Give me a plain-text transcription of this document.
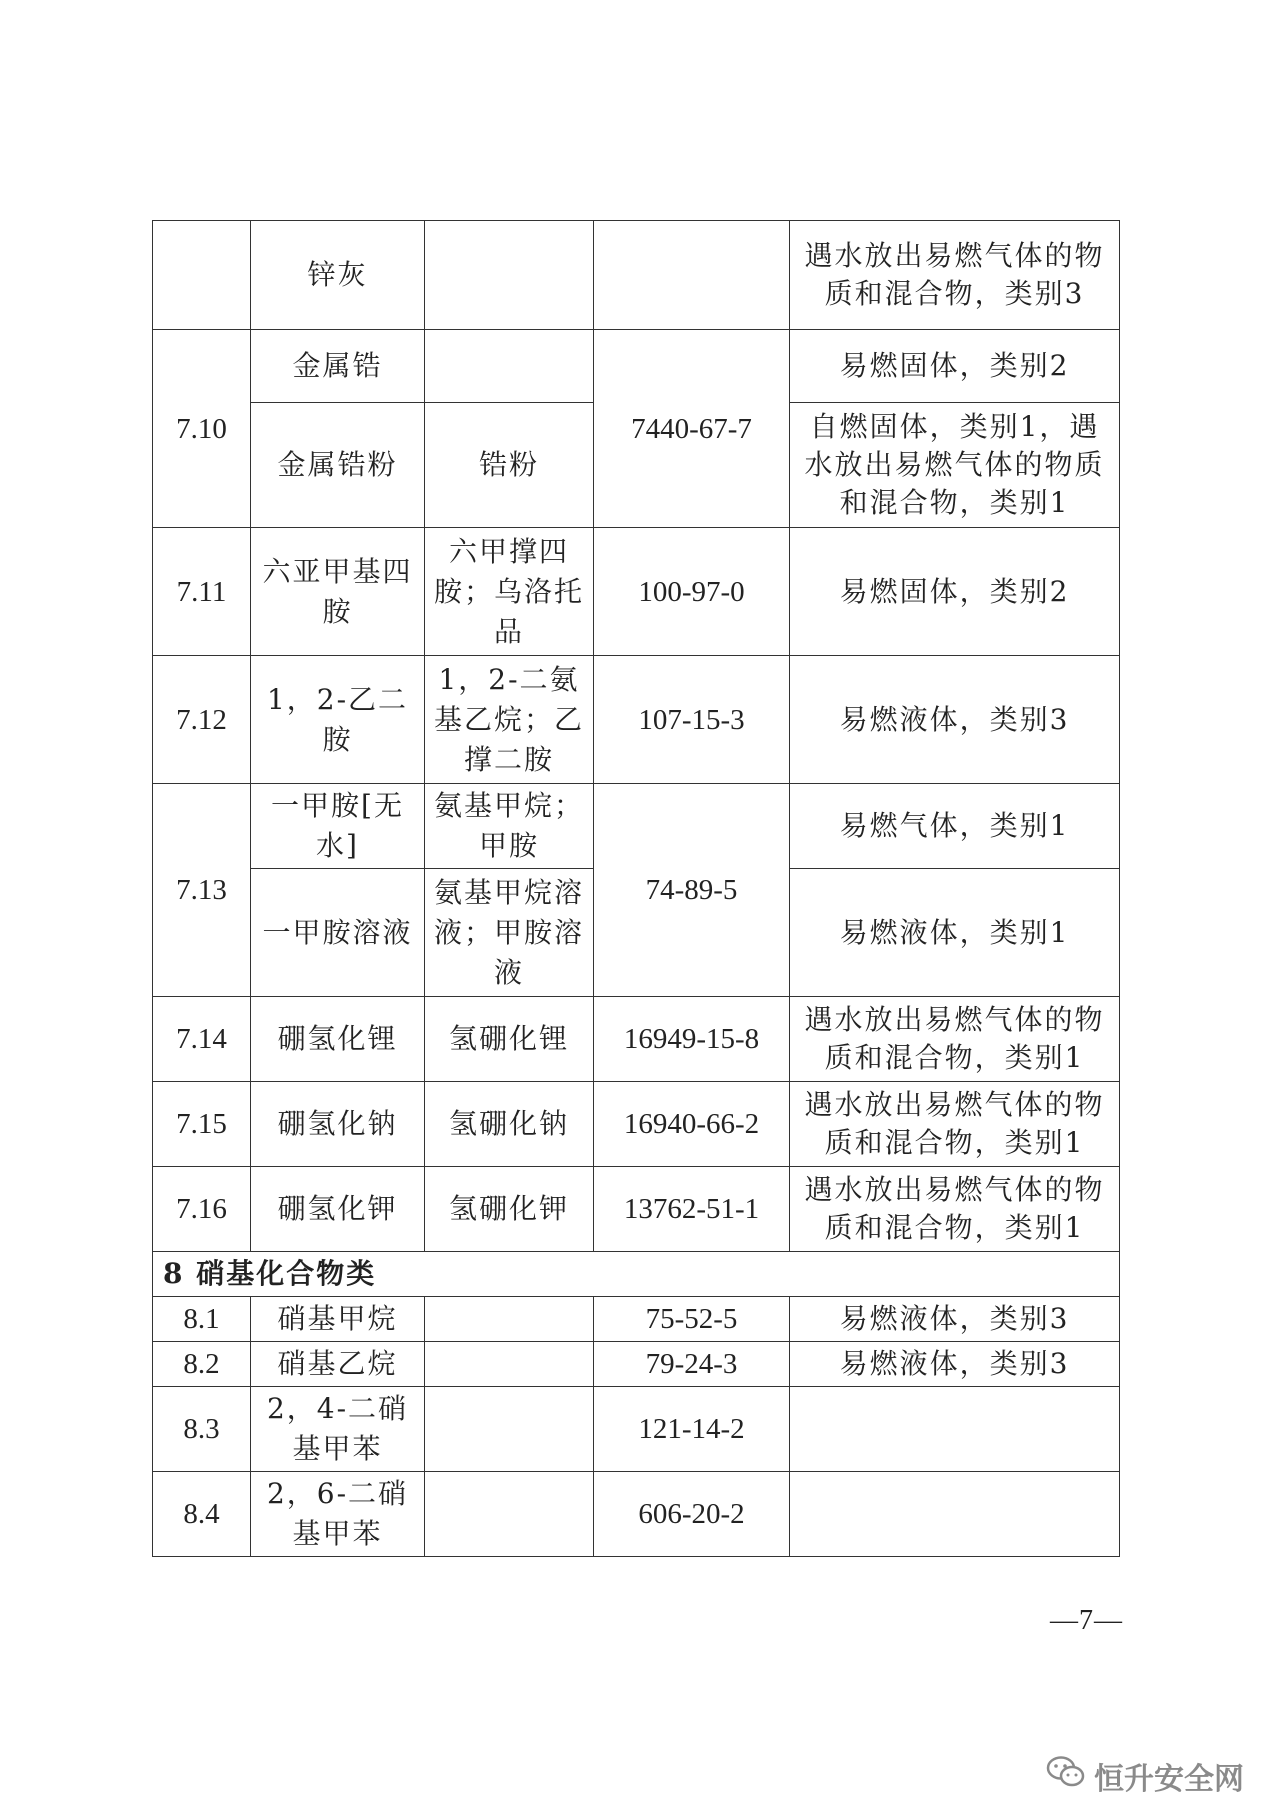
	锌灰			遇水放出易燃气体的物质和混合物，类别3
7.10	金属锆		7440-67-7	易燃固体，类别2
	金属锆粉	锆粉		自燃固体，类别1，遇水放出易燃气体的物质和混合物，类别1
7.11	六亚甲基四胺	六甲撑四胺；乌洛托品	100-97-0	易燃固体，类别2
7.12	1，2-乙二胺	1，2-二氨基乙烷；乙撑二胺	107-15-3	易燃液体，类别3
7.13	一甲胺[无水]	氨基甲烷；甲胺	74-89-5	易燃气体，类别1
	一甲胺溶液	氨基甲烷溶液；甲胺溶液		易燃液体，类别1
7.14	硼氢化锂	氢硼化锂	16949-15-8	遇水放出易燃气体的物质和混合物，类别1
7.15	硼氢化钠	氢硼化钠	16940-66-2	遇水放出易燃气体的物质和混合物，类别1
7.16	硼氢化钾	氢硼化钾	13762-51-1	遇水放出易燃气体的物质和混合物，类别1
8 硝基化合物类				
8.1	硝基甲烷		75-52-5	易燃液体，类别3
8.2	硝基乙烷		79-24-3	易燃液体，类别3
8.3	2，4-二硝基甲苯		121-14-2	
8.4	2，6-二硝基甲苯		606-20-2	
—7—
恒升安全网
